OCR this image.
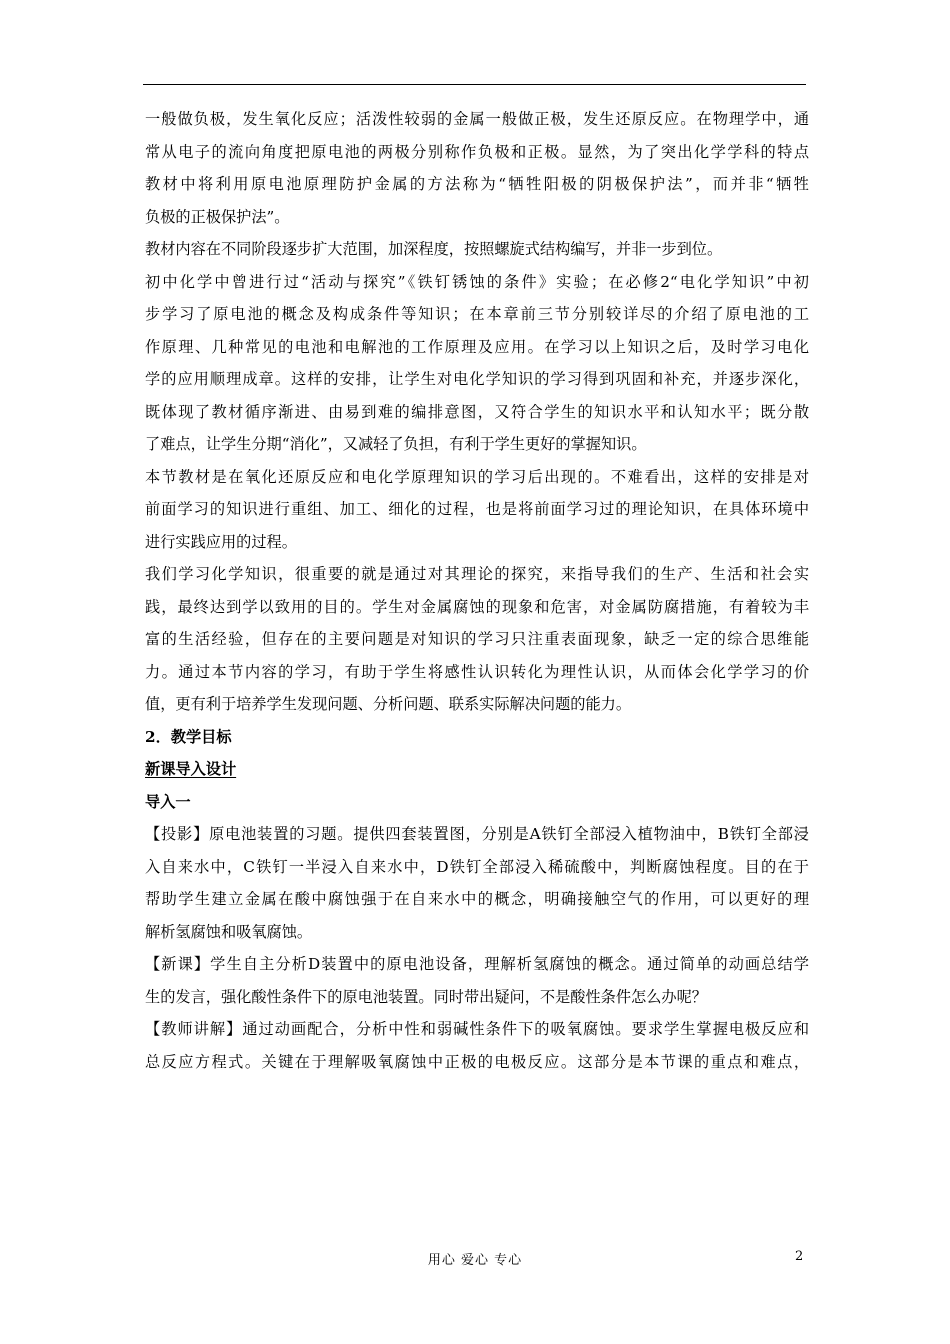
一般做负极，发生氧化反应；活泼性较弱的金属一般做正极，发生还原反应。在物理学中，通
常从电子的流向角度把原电池的两极分别称作负极和正极。显然，为了突出化学学科的特点
教材中将利用原电池原理防护金属的方法称为“牺牲阳极的阴极保护法”，而并非“牺牲
负极的正极保护法”。
教材内容在不同阶段逐步扩大范围，加深程度，按照螺旋式结构编写，并非一步到位。
初中化学中曾进行过“活动与探究”《铁钉锈蚀的条件》实验；在必修2“电化学知识”中初
步学习了原电池的概念及构成条件等知识；在本章前三节分别较详尽的介绍了原电池的工
作原理、几种常见的电池和电解池的工作原理及应用。在学习以上知识之后，及时学习电化
学的应用顺理成章。这样的安排，让学生对电化学知识的学习得到巩固和补充，并逐步深化，
既体现了教材循序渐进、由易到难的编排意图，又符合学生的知识水平和认知水平；既分散
了难点，让学生分期“消化”，又减轻了负担，有利于学生更好的掌握知识。
本节教材是在氧化还原反应和电化学原理知识的学习后出现的。不难看出，这样的安排是对
前面学习的知识进行重组、加工、细化的过程，也是将前面学习过的理论知识，在具体环境中
进行实践应用的过程。
我们学习化学知识，很重要的就是通过对其理论的探究，来指导我们的生产、生活和社会实
践，最终达到学以致用的目的。学生对金属腐蚀的现象和危害，对金属防腐措施，有着较为丰
富的生活经验，但存在的主要问题是对知识的学习只注重表面现象，缺乏一定的综合思维能
力。通过本节内容的学习，有助于学生将感性认识转化为理性认识，从而体会化学学习的价
值，更有利于培养学生发现问题、分析问题、联系实际解决问题的能力。
2．教学目标
新课导入设计
导入一
【投影】原电池装置的习题。提供四套装置图，分别是A铁钉全部浸入植物油中，B铁钉全部浸
入自来水中，C铁钉一半浸入自来水中，D铁钉全部浸入稀硫酸中，判断腐蚀程度。目的在于
帮助学生建立金属在酸中腐蚀强于在自来水中的概念，明确接触空气的作用，可以更好的理
解析氢腐蚀和吸氧腐蚀。
【新课】学生自主分析D装置中的原电池设备，理解析氢腐蚀的概念。通过简单的动画总结学
生的发言，强化酸性条件下的原电池装置。同时带出疑问，不是酸性条件怎么办呢？
【教师讲解】通过动画配合，分析中性和弱碱性条件下的吸氧腐蚀。要求学生掌握电极反应和
总反应方程式。关键在于理解吸氧腐蚀中正极的电极反应。这部分是本节课的重点和难点，
用心 爱心 专心	2
